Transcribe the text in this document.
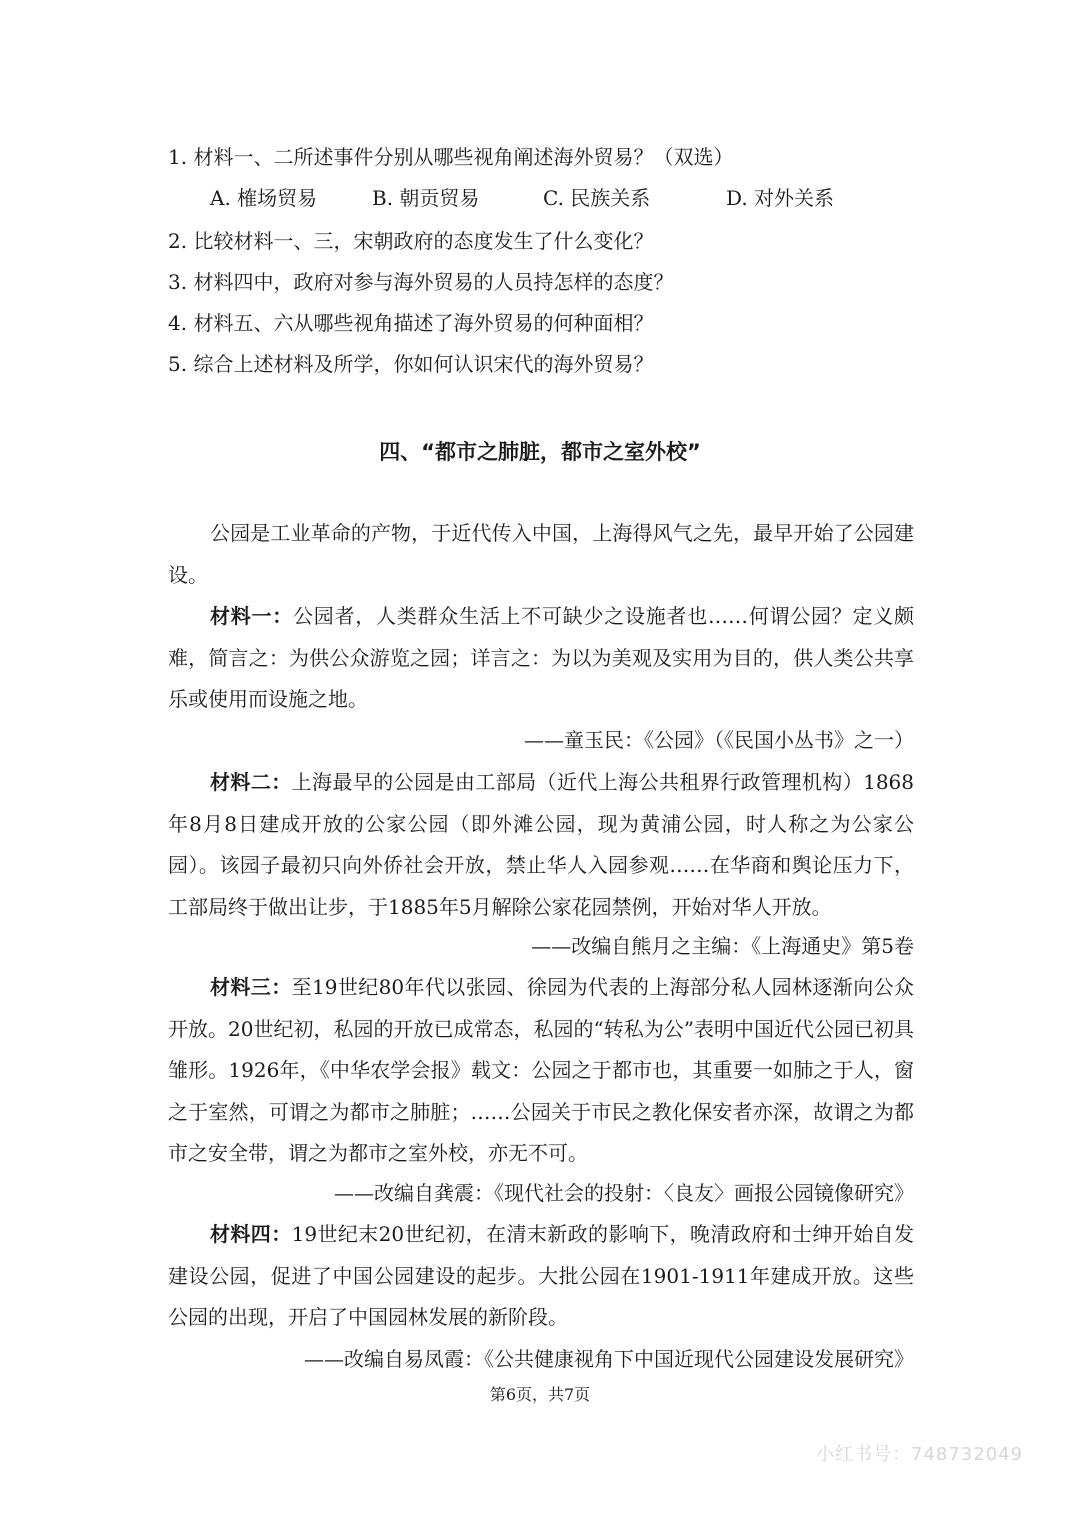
1. 材料一、二所述事件分别从哪些视角阐述海外贸易？（双选）
A. 榷场贸易	B. 朝贡贸易	C. 民族关系	D. 对外关系
2. 比较材料一、三，宋朝政府的态度发生了什么变化？
3. 材料四中，政府对参与海外贸易的人员持怎样的态度？
4. 材料五、六从哪些视角描述了海外贸易的何种面相？
5. 综合上述材料及所学，你如何认识宋代的海外贸易？
四、“都市之肺脏，都市之室外校”
公园是工业革命的产物，于近代传入中国，上海得风气之先，最早开始了公园建设。
材料一：公园者，人类群众生活上不可缺少之设施者也……何谓公园？定义颇难，简言之：为供公众游览之园；详言之：为以为美观及实用为目的，供人类公共享乐或使用而设施之地。
——童玉民：《公园》（《民国小丛书》之一）
材料二：上海最早的公园是由工部局（近代上海公共租界行政管理机构）1868年8月8日建成开放的公家公园（即外滩公园，现为黄浦公园，时人称之为公家公园）。该园子最初只向外侨社会开放，禁止华人入园参观……在华商和舆论压力下，工部局终于做出让步，于1885年5月解除公家花园禁例，开始对华人开放。
——改编自熊月之主编：《上海通史》第5卷
材料三：至19世纪80年代以张园、徐园为代表的上海部分私人园林逐渐向公众开放。20世纪初，私园的开放已成常态，私园的“转私为公”表明中国近代公园已初具雏形。1926年，《中华农学会报》载文：公园之于都市也，其重要一如肺之于人，窗之于室然，可谓之为都市之肺脏；……公园关于市民之教化保安者亦深，故谓之为都市之安全带，谓之为都市之室外校，亦无不可。
——改编自龚震：《现代社会的投射：〈良友〉画报公园镜像研究》
材料四：19世纪末20世纪初，在清末新政的影响下，晚清政府和士绅开始自发建设公园，促进了中国公园建设的起步。大批公园在1901-1911年建成开放。这些公园的出现，开启了中国园林发展的新阶段。
——改编自易凤霞：《公共健康视角下中国近现代公园建设发展研究》
第6页，共7页
小红书号：748732049
